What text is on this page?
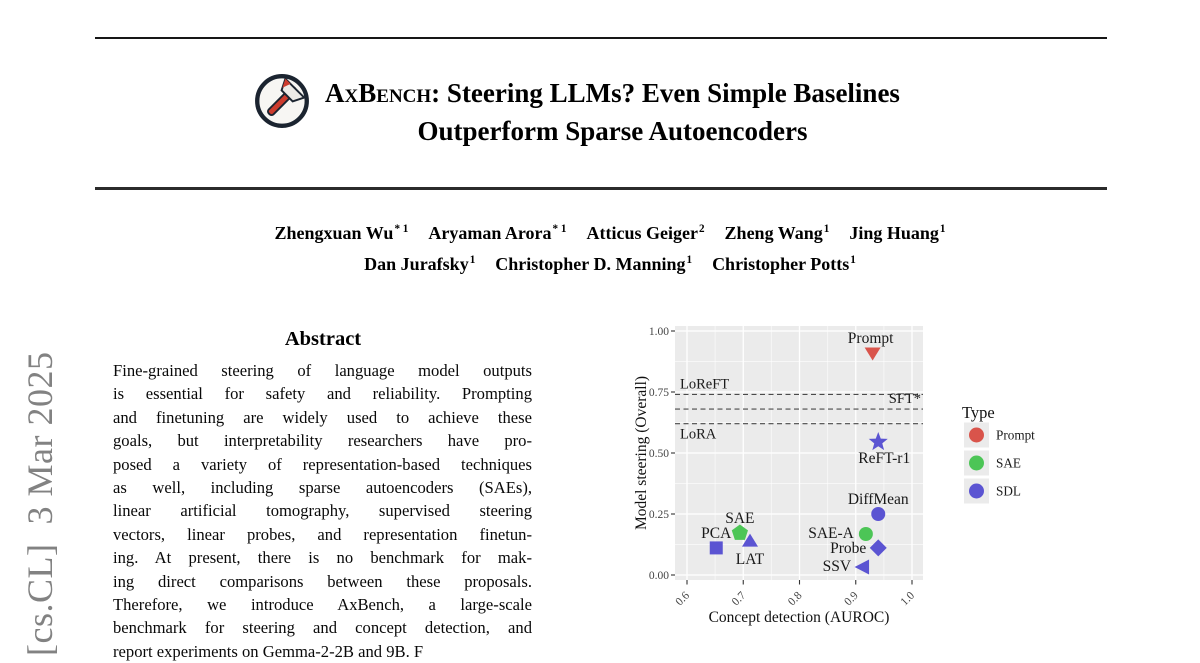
[cs.CL]  3 Mar 2025
AxBench: Steering LLMs? Even Simple Baselines
Outperform Sparse Autoencoders
Zhengxuan Wu$^{* 1}$ Aryaman Arora$^{* 1}$ Atticus Geiger$^2$ Zheng Wang$^1$ Jing Huang$^1$
Dan Jurafsky$^1$ Christopher D. Manning$^1$ Christopher Potts$^1$
Abstract
Fine-grained steering of language model outputs
is essential for safety and reliability. Prompting
and finetuning are widely used to achieve these
goals, but interpretability researchers have pro-
posed a variety of representation-based techniques
as well, including sparse autoencoders (SAEs),
linear artificial tomography, supervised steering
vectors, linear probes, and representation finetun-
ing. At present, there is no benchmark for mak-
ing direct comparisons between these proposals.
Therefore, we introduce AxBench, a large-scale
benchmark for steering and concept detection, and
report experiments on Gemma-2-2B and 9B. F
LoReFT
SFT*
LoRA
Prompt
ReFT-r1
DiffMean
SAE-A
Probe
SSV
SAE
LAT
PCA
0.6	0.7	0.8	0.9	1.0
Concept detection (AUROC)
1.00
0.75
0.50
0.25
0.00
Model steering (Overall)	Type
Prompt
SAE
SDL
